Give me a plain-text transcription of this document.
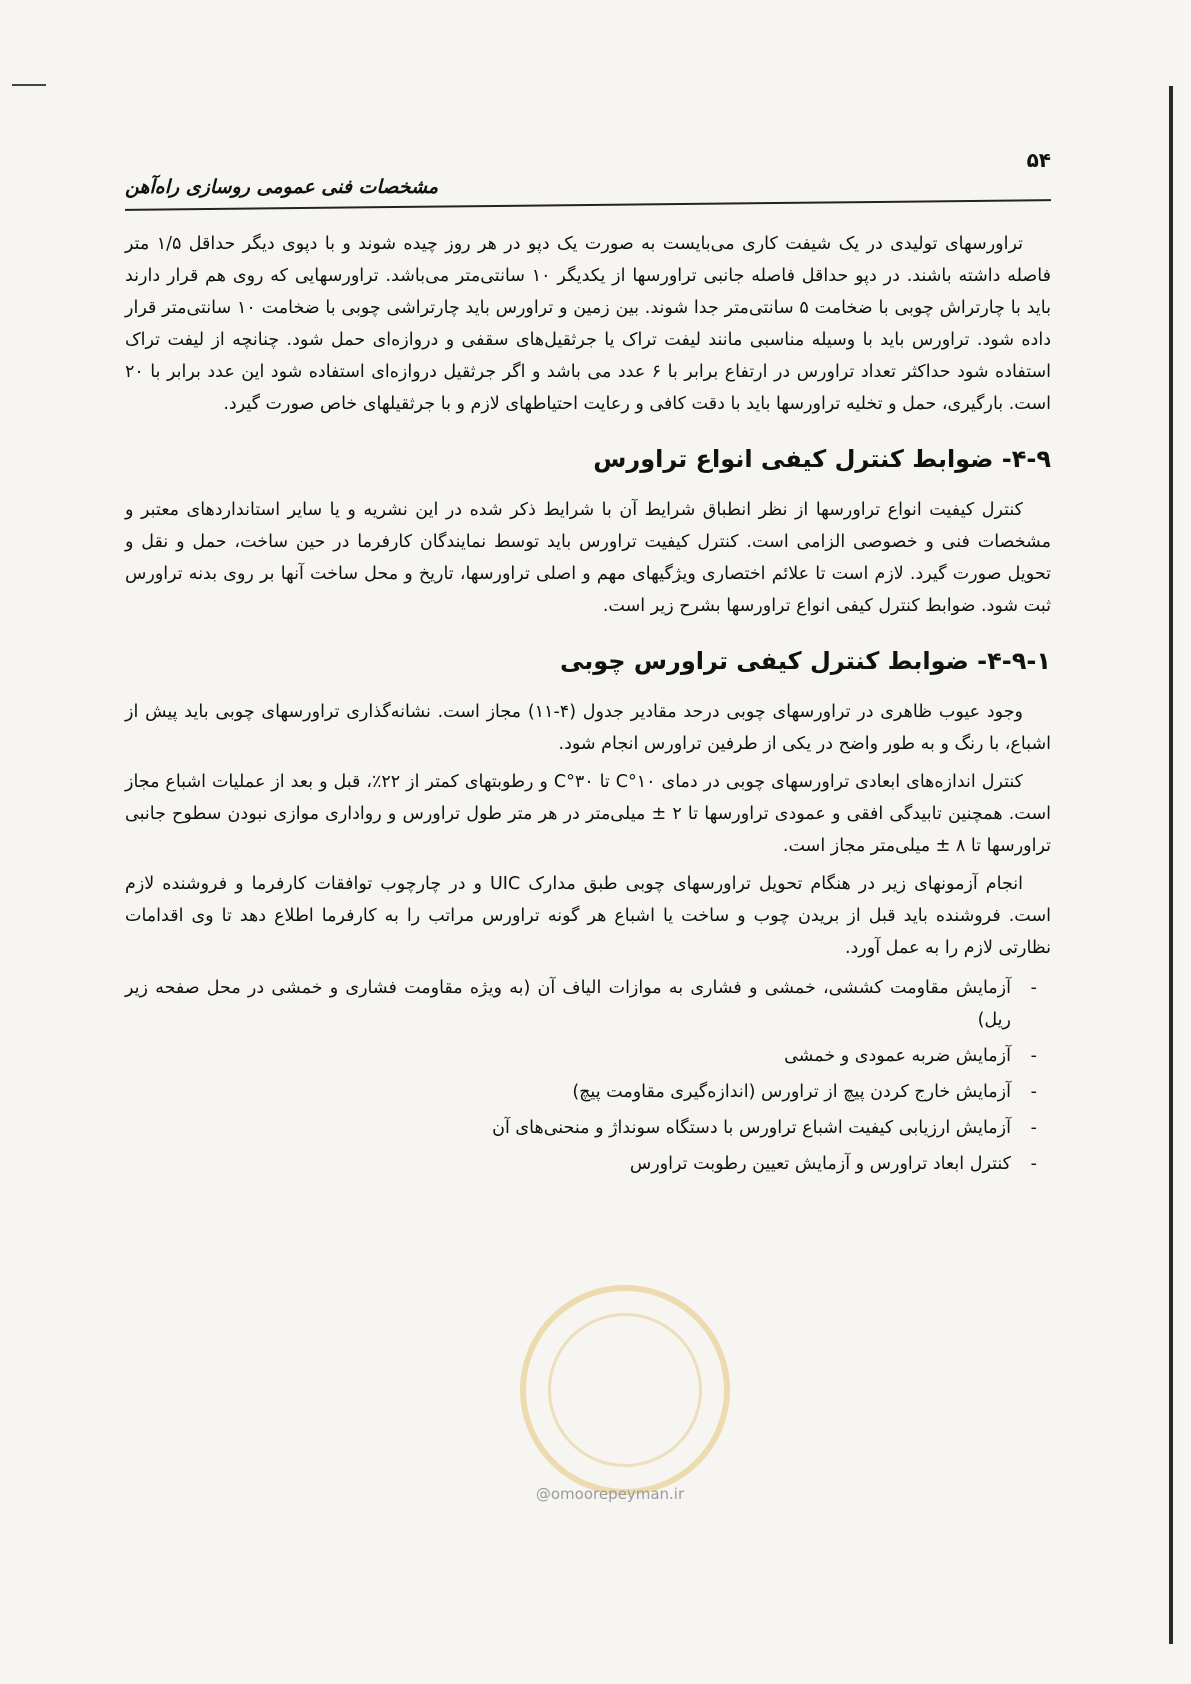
۵۴
مشخصات فنی عمومی روسازی راه‌آهن

تراورسهای تولیدی در یک شیفت کاری می‌بایست به صورت یک دپو در هر روز چیده شوند و با دپوی دیگر حداقل ۱/۵ متر فاصله داشته باشند. در دپو حداقل فاصله جانبی تراورسها از یکدیگر ۱۰ سانتی‌متر می‌باشد. تراورسهایی که روی هم قرار دارند باید با چارتراش چوبی با ضخامت ۵ سانتی‌متر جدا شوند. بین زمین و تراورس باید چارتراشی چوبی با ضخامت ۱۰ سانتی‌متر قرار داده شود. تراورس باید با وسیله مناسبی مانند لیفت تراک یا جرثقیل‌های سقفی و دروازه‌ای حمل شود. چنانچه از لیفت تراک استفاده شود حداکثر تعداد تراورس در ارتفاع برابر با ۶ عدد می باشد و اگر جرثقیل دروازه‌ای استفاده شود این عدد برابر با ۲۰ است. بارگیری، حمل و تخلیه تراورسها باید با دقت کافی و رعایت احتیاطهای لازم و با جرثقیلهای خاص صورت گیرد.

۴-۹- ضوابط کنترل کیفی انواع تراورس

کنترل کیفیت انواع تراورسها از نظر انطباق شرایط آن با شرایط ذکر شده در این نشریه و یا سایر استانداردهای معتبر و مشخصات فنی و خصوصی الزامی است. کنترل کیفیت تراورس باید توسط نمایندگان کارفرما در حین ساخت، حمل و نقل و تحویل صورت گیرد. لازم است تا علائم اختصاری ویژگیهای مهم و اصلی تراورسها، تاریخ و محل ساخت آنها بر روی بدنه تراورس ثبت شود. ضوابط کنترل کیفی انواع تراورسها بشرح زیر است.

۴-۹-۱- ضوابط کنترل کیفی تراورس چوبی

وجود عیوب ظاهری در تراورسهای چوبی درحد مقادیر جدول (۴-۱۱) مجاز است. نشانه‌گذاری تراورسهای چوبی باید پیش از اشباع، با رنگ و به طور واضح در یکی از طرفین تراورس انجام شود.

کنترل اندازه‌های ابعادی تراورسهای چوبی در دمای ۱۰°C تا ۳۰°C و رطوبتهای کمتر از ۲۲٪، قبل و بعد از عملیات اشباع مجاز است. همچنین تابیدگی افقی و عمودی تراورسها تا ۲ ± میلی‌متر در هر متر طول تراورس و روادارى موازی نبودن سطوح جانبی تراورسها تا ۸ ± میلی‌متر مجاز است.

انجام آزمونهای زیر در هنگام تحویل تراورسهای چوبی طبق مدارک UIC و در چارچوب توافقات کارفرما و فروشنده لازم است. فروشنده باید قبل از بریدن چوب و ساخت یا اشباع هر گونه تراورس مراتب را به کارفرما اطلاع دهد تا وی اقدامات نظارتی لازم را به عمل آورد.

-
آزمایش مقاومت کششی، خمشی و فشاری به موازات الیاف آن (به ویژه مقاومت فشاری و خمشی در محل صفحه زیر ریل)
-
آزمایش ضربه عمودی و خمشی
-
آزمایش خارج کردن پیچ از تراورس (اندازه‌گیری مقاومت پیچ)
-
آزمایش ارزیابی کیفیت اشباع تراورس با دستگاه سونداژ و منحنی‌های آن
-
کنترل ابعاد تراورس و آزمایش تعیین رطوبت تراورس
@omoorepeyman.ir
